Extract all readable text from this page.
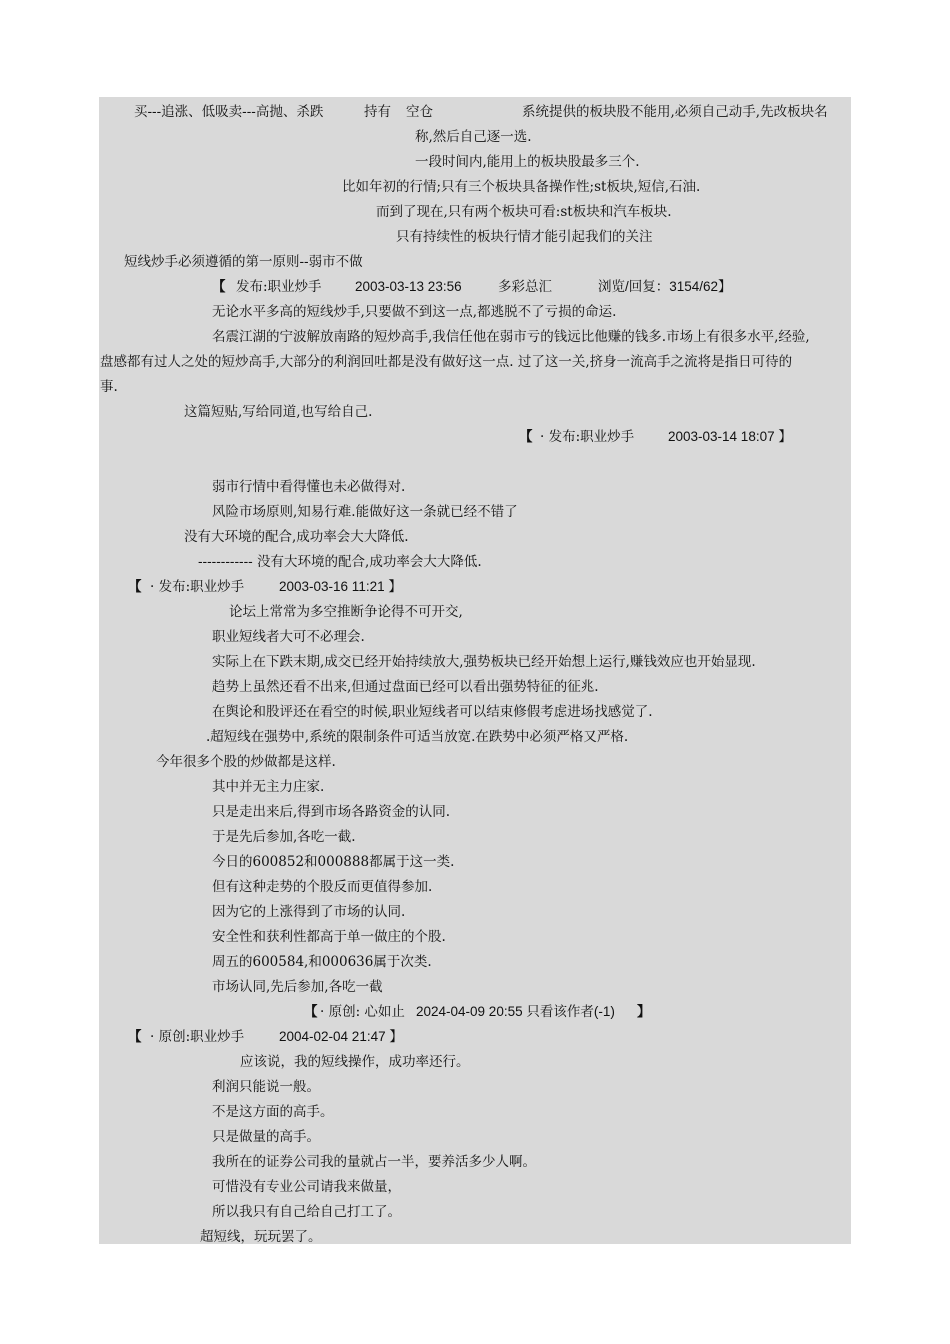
买---追涨、低吸卖---高抛、杀跌	持有 空仓	系统提供的板块股不能用,必须自己动手,先改板块名
称,然后自己逐一选.
一段时间内,能用上的板块股最多三个.
比如年初的行情;只有三个板块具备操作性;st板块,短信,石油.
而到了现在,只有两个板块可看:st板块和汽车板块.
只有持续性的板块行情才能引起我们的关注
短线炒手必须遵循的第一原则--弱市不做
【 发布:职业炒手 2003-03-13 23:56	多彩总汇	浏览/回复：3154/62】
无论水平多高的短线炒手,只要做不到这一点,都逃脱不了亏损的命运.
名震江湖的宁波解放南路的短炒高手,我信任他在弱市亏的钱远比他赚的钱多.市场上有很多水平,经验,
盘感都有过人之处的短炒高手,大部分的利润回吐都是没有做好这一点. 过了这一关,挤身一流高手之流将是指日可待的
事.
这篇短贴,写给同道,也写给自己.
【 · 发布:职业炒手	2003-03-14 18:07 】
弱市行情中看得懂也未必做得对.
风险市场原则,知易行难.能做好这一条就已经不错了
没有大环境的配合,成功率会大大降低.
------------ 没有大环境的配合,成功率会大大降低.
【 · 发布:职业炒手	2003-03-16 11:21 】
论坛上常常为多空推断争论得不可开交,
职业短线者大可不必理会.
实际上在下跌末期,成交已经开始持续放大,强势板块已经开始想上运行,赚钱效应也开始显现.
趋势上虽然还看不出来,但通过盘面已经可以看出强势特征的征兆.
在舆论和股评还在看空的时候,职业短线者可以结束修假考虑进场找感觉了.
.超短线在强势中,系统的限制条件可适当放宽.在跌势中必须严格又严格.
今年很多个股的炒做都是这样.
其中并无主力庄家.
只是走出来后,得到市场各路资金的认同.
于是先后参加,各吃一截.
今日的600852和000888都属于这一类.
但有这种走势的个股反而更值得参加.
因为它的上涨得到了市场的认同.
安全性和获利性都高于单一做庄的个股.
周五的600584,和000636属于次类.
市场认同,先后参加,各吃一截
【 · 原创: 心如止 2024-04-09 20:55 只看该作者(-1) 】
【 · 原创:职业炒手	2004-02-04 21:47 】
应该说，我的短线操作，成功率还行。
利润只能说一般。
不是这方面的高手。
只是做量的高手。
我所在的证券公司我的量就占一半，要养活多少人啊。
可惜没有专业公司请我来做量，
所以我只有自己给自己打工了。
超短线，玩玩罢了。
